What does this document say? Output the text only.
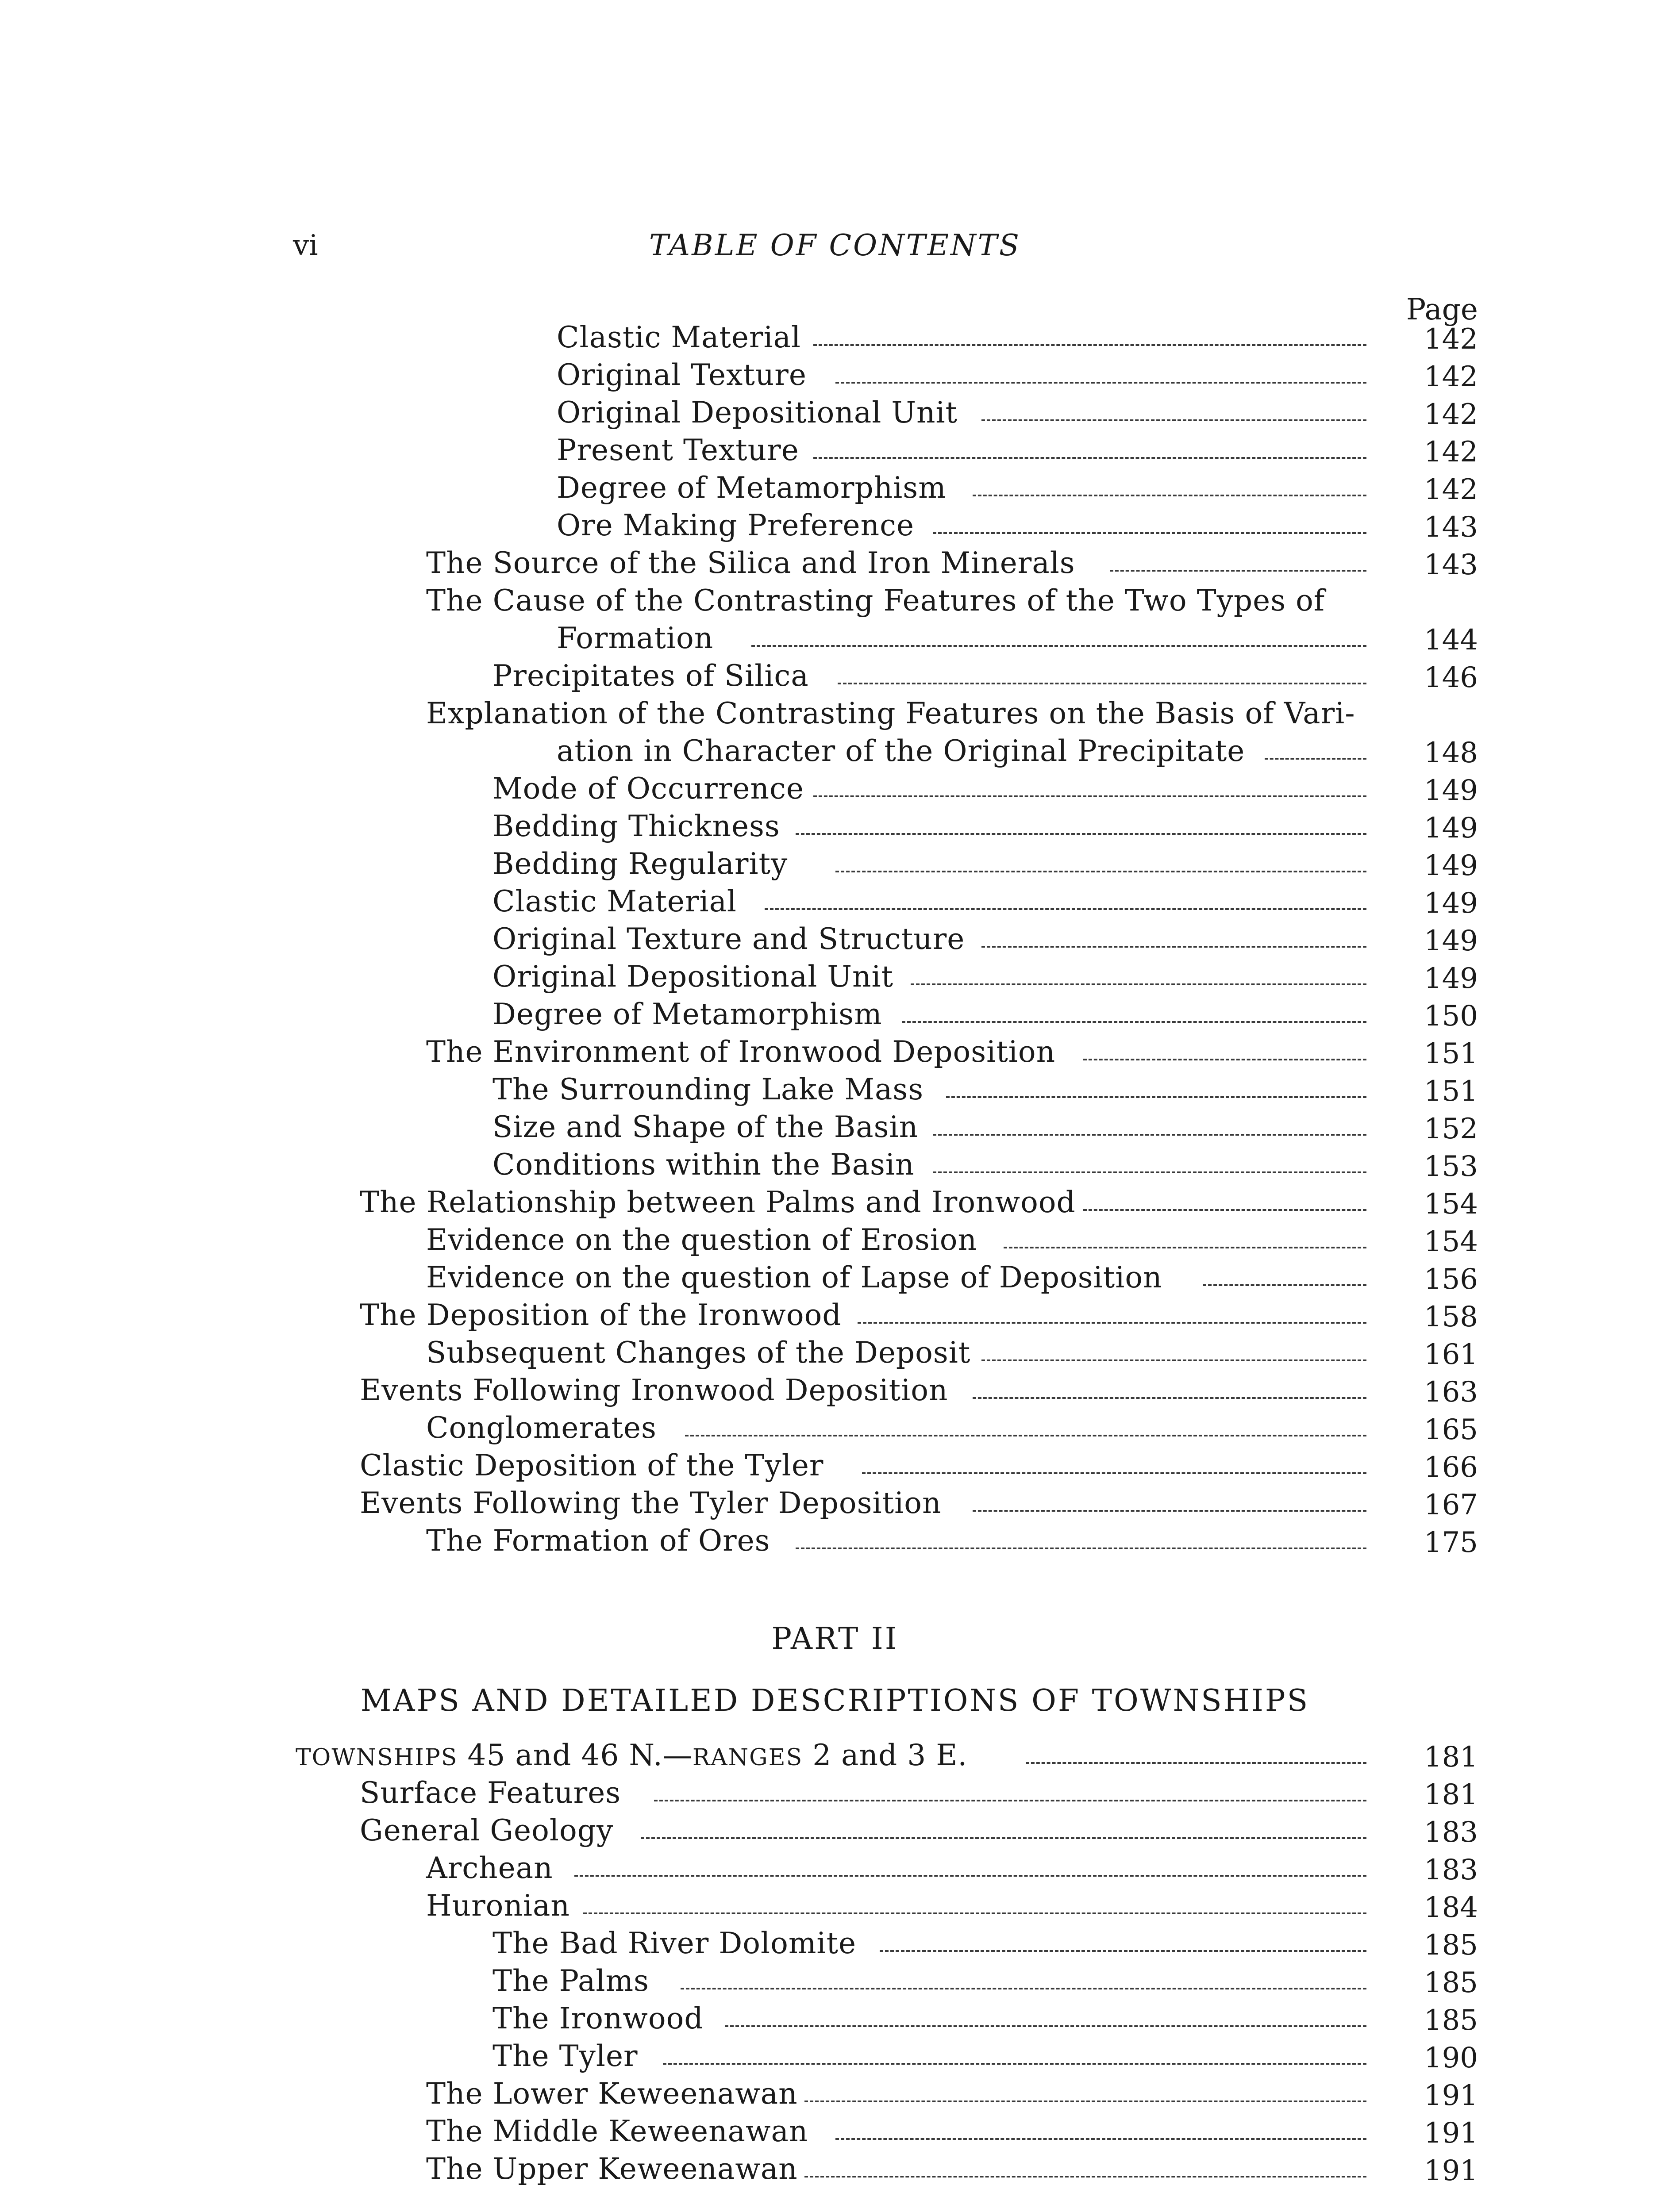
vi	TABLE OF CONTENTS
Page
Clastic Material	142
Original Texture	142
Original Depositional Unit	142
Present Texture	142
Degree of Metamorphism	142
Ore Making Preference	143
The Source of the Silica and Iron Minerals	143
The Cause of the Contrasting Features of the Two Types of
Formation	144
Precipitates of Silica	146
Explanation of the Contrasting Features on the Basis of Vari-
ation in Character of the Original Precipitate	148
Mode of Occurrence	149
Bedding Thickness	149
Bedding Regularity	149
Clastic Material	149
Original Texture and Structure	149
Original Depositional Unit	149
Degree of Metamorphism	150
The Environment of Ironwood Deposition	151
The Surrounding Lake Mass	151
Size and Shape of the Basin	152
Conditions within the Basin	153
The Relationship between Palms and Ironwood	154
Evidence on the question of Erosion	154
Evidence on the question of Lapse of Deposition	156
The Deposition of the Ironwood	158
Subsequent Changes of the Deposit	161
Events Following Ironwood Deposition	163
Conglomerates	165
Clastic Deposition of the Tyler	166
Events Following the Tyler Deposition	167
The Formation of Ores	175
PART II
MAPS AND DETAILED DESCRIPTIONS OF TOWNSHIPS
TOWNSHIPS 45 and 46 N.—RANGES 2 and 3 E.	181
Surface Features	181
General Geology	183
Archean	183
Huronian	184
The Bad River Dolomite	185
The Palms	185
The Ironwood	185
The Tyler	190
The Lower Keweenawan	191
The Middle Keweenawan	191
The Upper Keweenawan	191
